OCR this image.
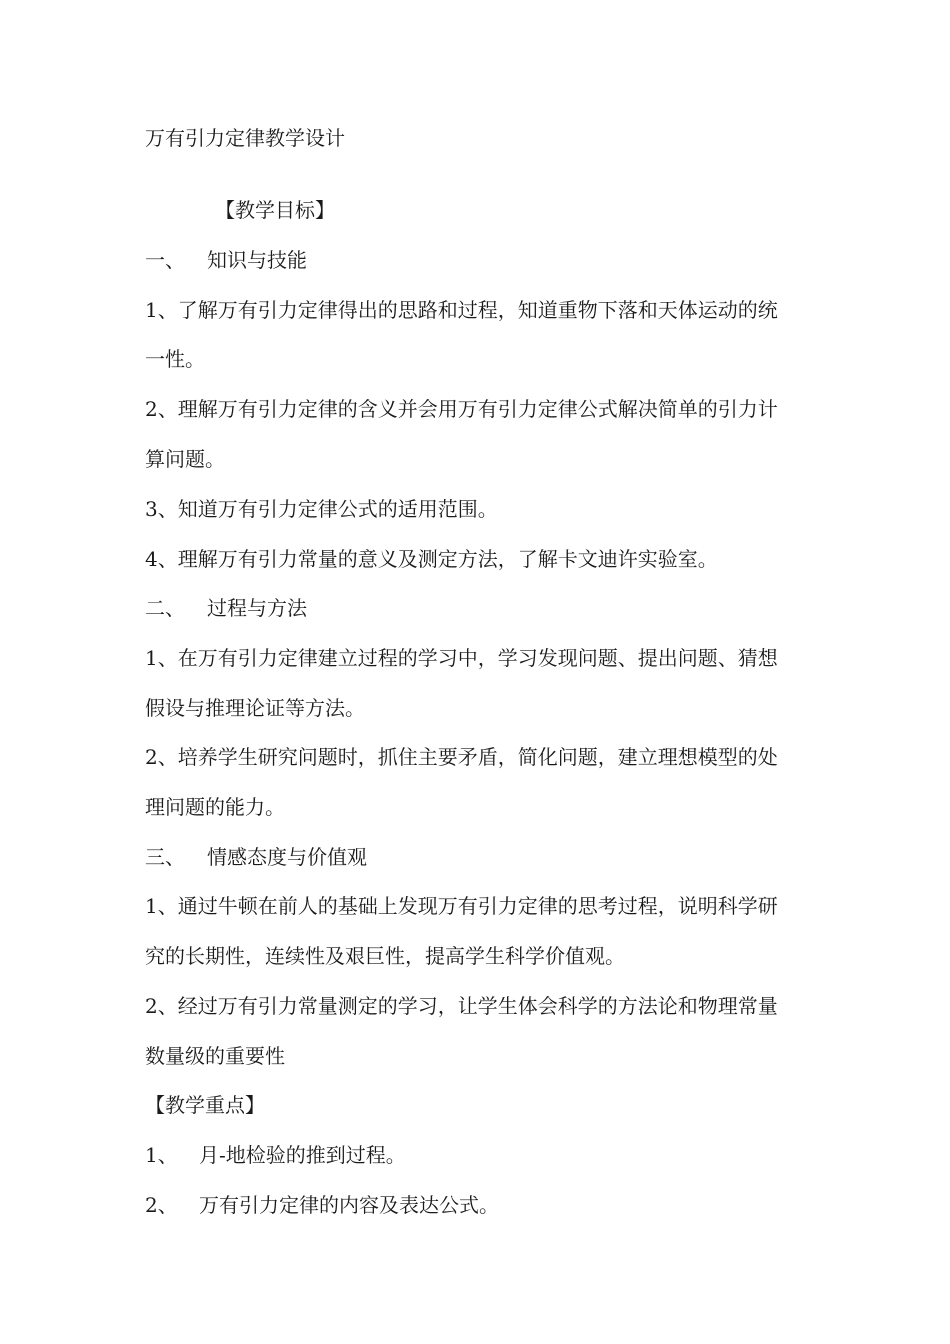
万有引力定律教学设计
【教学目标】
一、 知识与技能
1、了解万有引力定律得出的思路和过程，知道重物下落和天体运动的统
一性。
2、理解万有引力定律的含义并会用万有引力定律公式解决简单的引力计
算问题。
3、知道万有引力定律公式的适用范围。
4、理解万有引力常量的意义及测定方法，了解卡文迪许实验室。
二、 过程与方法
1、在万有引力定律建立过程的学习中，学习发现问题、提出问题、猜想
假设与推理论证等方法。
2、培养学生研究问题时，抓住主要矛盾，简化问题，建立理想模型的处
理问题的能力。
三、 情感态度与价值观
1、通过牛顿在前人的基础上发现万有引力定律的思考过程，说明科学研
究的长期性，连续性及艰巨性，提高学生科学价值观。
2、经过万有引力常量测定的学习，让学生体会科学的方法论和物理常量
数量级的重要性
【教学重点】
1、 月-地检验的推到过程。
2、 万有引力定律的内容及表达公式。
